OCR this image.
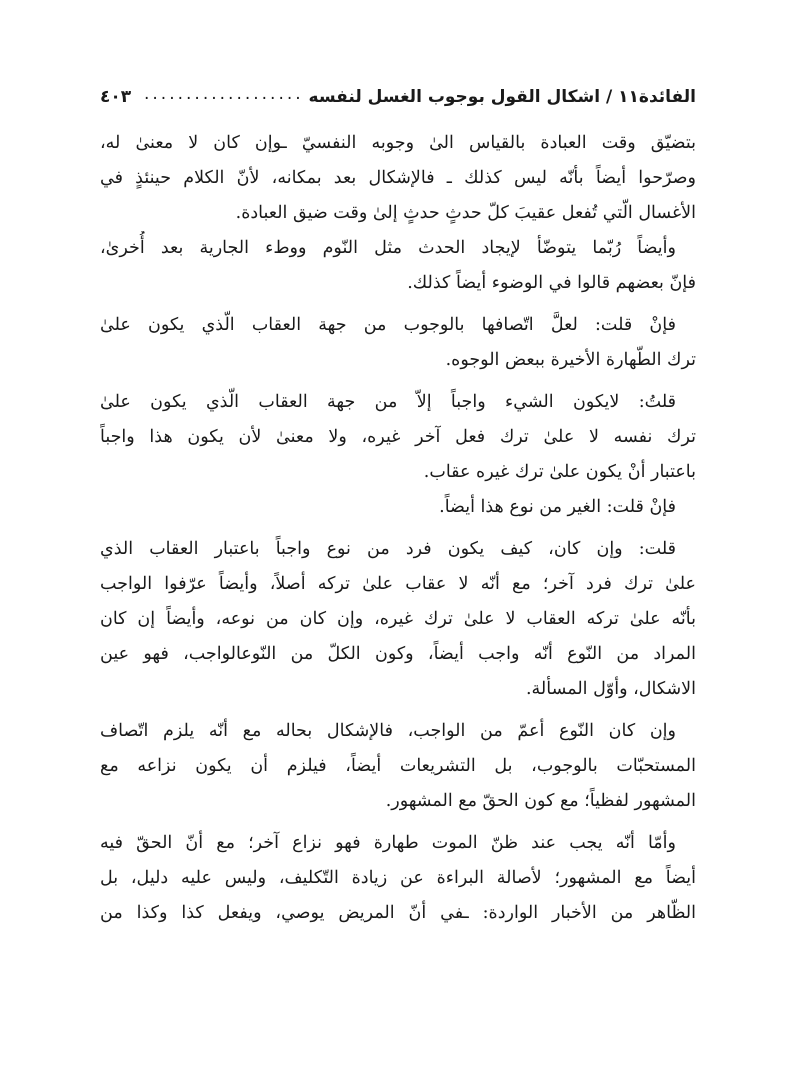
الفائدة١١ / اشكال القول بوجوب الغسل لنفسه
...................
٤٠٣
بتضيّق وقت العبادة بالقياس الىٰ وجوبه النفسيّ ـوإن كان لا معنىٰ له،
وصرّحوا أيضاً بأنّه ليس كذلك ـ فالإشكال بعد بمكانه، لأنّ الكلام حينئذٍ في
الأغسال الّتي تُفعل عقيبَ كلّ حدثٍ حدثٍ إلىٰ وقت ضيق العبادة.
وأيضاً رُبّما يتوضّأ لإيجاد الحدث مثل النّوم ووطء الجارية بعد أُخرىٰ،
فإنّ بعضهم قالوا في الوضوء أيضاً كذلك.
فإنْ قلت: لعلَّ اتّصافها بالوجوب من جهة العقاب الّذي يكون علىٰ
ترك الطّهارة الأخيرة ببعض الوجوه.
قلتُ: لايكون الشيء واجباً إلاّ من جهة العقاب الّذي يكون علىٰ
ترك نفسه لا علىٰ ترك فعل آخر غيره، ولا معنىٰ لأن يكون هذا واجباً
باعتبار أنْ يكون علىٰ ترك غيره عقاب.
فإنْ قلت: الغير من نوع هذا أيضاً.
قلت: وإن كان، كيف يكون فرد من نوع واجباً باعتبار العقاب الذي
علىٰ ترك فرد آخر؛ مع أنّه لا عقاب علىٰ تركه أصلاً، وأيضاً عرّفوا الواجب
بأنّه علىٰ تركه العقاب لا علىٰ ترك غيره، وإن كان من نوعه، وأيضاً إن كان
المراد من النّوع أنّه واجب أيضاً، وكون الكلّ من النّوعالواجب، فهو عين
الاشكال، وأوّل المسألة.
وإن كان النّوع أعمّ من الواجب، فالإشكال بحاله مع أنّه يلزم اتّصاف
المستحبّات بالوجوب، بل التشريعات أيضاً، فيلزم أن يكون نزاعه مع
المشهور لفظياً؛ مع كون الحقّ مع المشهور.
وأمّا أنّه يجب عند ظنّ الموت طهارة فهو نزاع آخر؛ مع أنّ الحقّ فيه
أيضاً مع المشهور؛ لأصالة البراءة عن زيادة التّكليف، وليس عليه دليل، بل
الظّاهر من الأخبار الواردة: ـفي أنّ المريض يوصي، ويفعل كذا وكذا من
